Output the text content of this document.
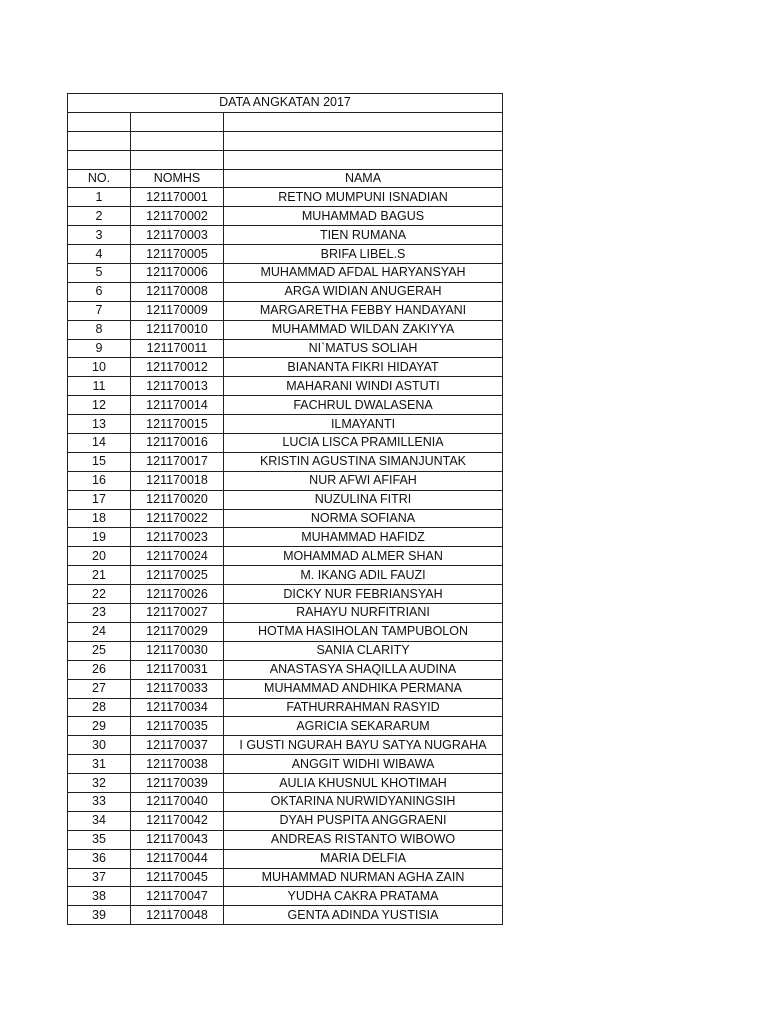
DATA ANGKATAN 2017		

NO.	NOMHS	NAMA
1	121170001	RETNO MUMPUNI ISNADIAN
2	121170002	MUHAMMAD BAGUS
3	121170003	TIEN RUMANA
4	121170005	BRIFA LIBEL.S
5	121170006	MUHAMMAD AFDAL HARYANSYAH
6	121170008	ARGA WIDIAN ANUGERAH
7	121170009	MARGARETHA FEBBY HANDAYANI
8	121170010	MUHAMMAD WILDAN ZAKIYYA
9	121170011	NI`MATUS SOLIAH
10	121170012	BIANANTA FIKRI HIDAYAT
11	121170013	MAHARANI WINDI ASTUTI
12	121170014	FACHRUL DWALASENA
13	121170015	ILMAYANTI
14	121170016	LUCIA LISCA PRAMILLENIA
15	121170017	KRISTIN AGUSTINA SIMANJUNTAK
16	121170018	NUR AFWI AFIFAH
17	121170020	NUZULINA FITRI
18	121170022	NORMA SOFIANA
19	121170023	MUHAMMAD HAFIDZ
20	121170024	MOHAMMAD ALMER SHAN
21	121170025	M. IKANG ADIL FAUZI
22	121170026	DICKY NUR FEBRIANSYAH
23	121170027	RAHAYU NURFITRIANI
24	121170029	HOTMA HASIHOLAN TAMPUBOLON
25	121170030	SANIA CLARITY
26	121170031	ANASTASYA SHAQILLA AUDINA
27	121170033	MUHAMMAD ANDHIKA PERMANA
28	121170034	FATHURRAHMAN RASYID
29	121170035	AGRICIA SEKARARUM
30	121170037	I GUSTI NGURAH BAYU SATYA NUGRAHA
31	121170038	ANGGIT WIDHI WIBAWA
32	121170039	AULIA KHUSNUL KHOTIMAH
33	121170040	OKTARINA NURWIDYANINGSIH
34	121170042	DYAH PUSPITA ANGGRAENI
35	121170043	ANDREAS RISTANTO WIBOWO
36	121170044	MARIA DELFIA
37	121170045	MUHAMMAD NURMAN AGHA ZAIN
38	121170047	YUDHA CAKRA PRATAMA
39	121170048	GENTA ADINDA YUSTISIA
